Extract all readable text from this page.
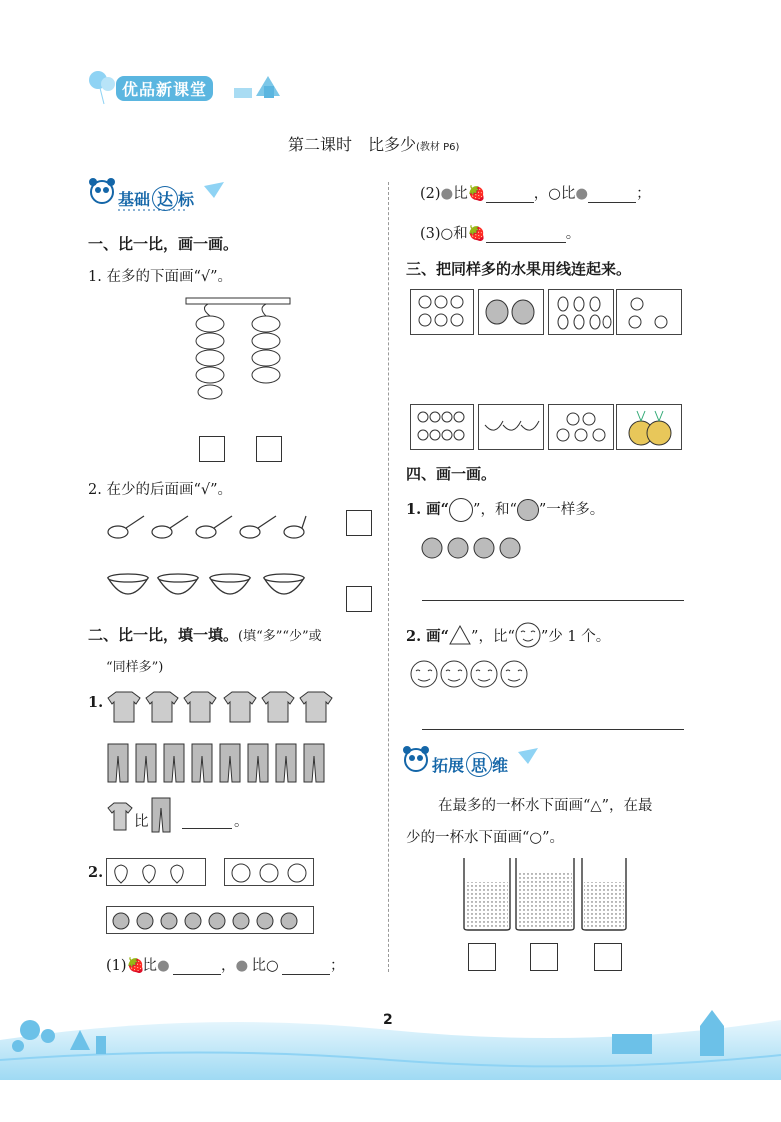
优品新课堂
第二课时　比多少(教材 P6)
基础 达 标
一、比一比，画一画。
1. 在多的下面画“√”。
2. 在少的后面画“√”。
二、比一比，填一填。(填“多”“少”或
“同样多”)
1.
比	。
2.
(1)🍓比●	，● 比○	；
(2)●比🍓	，○比●	；
(3)○和🍓	。
三、把同样多的水果用线连起来。
四、画一画。
1. 画“ ”，和“ ”一样多。
2. 画“ ”，比“ ”少 1 个。
拓展 思 维
在最多的一杯水下面画“△”，在最
少的一杯水下面画“○”。
2
